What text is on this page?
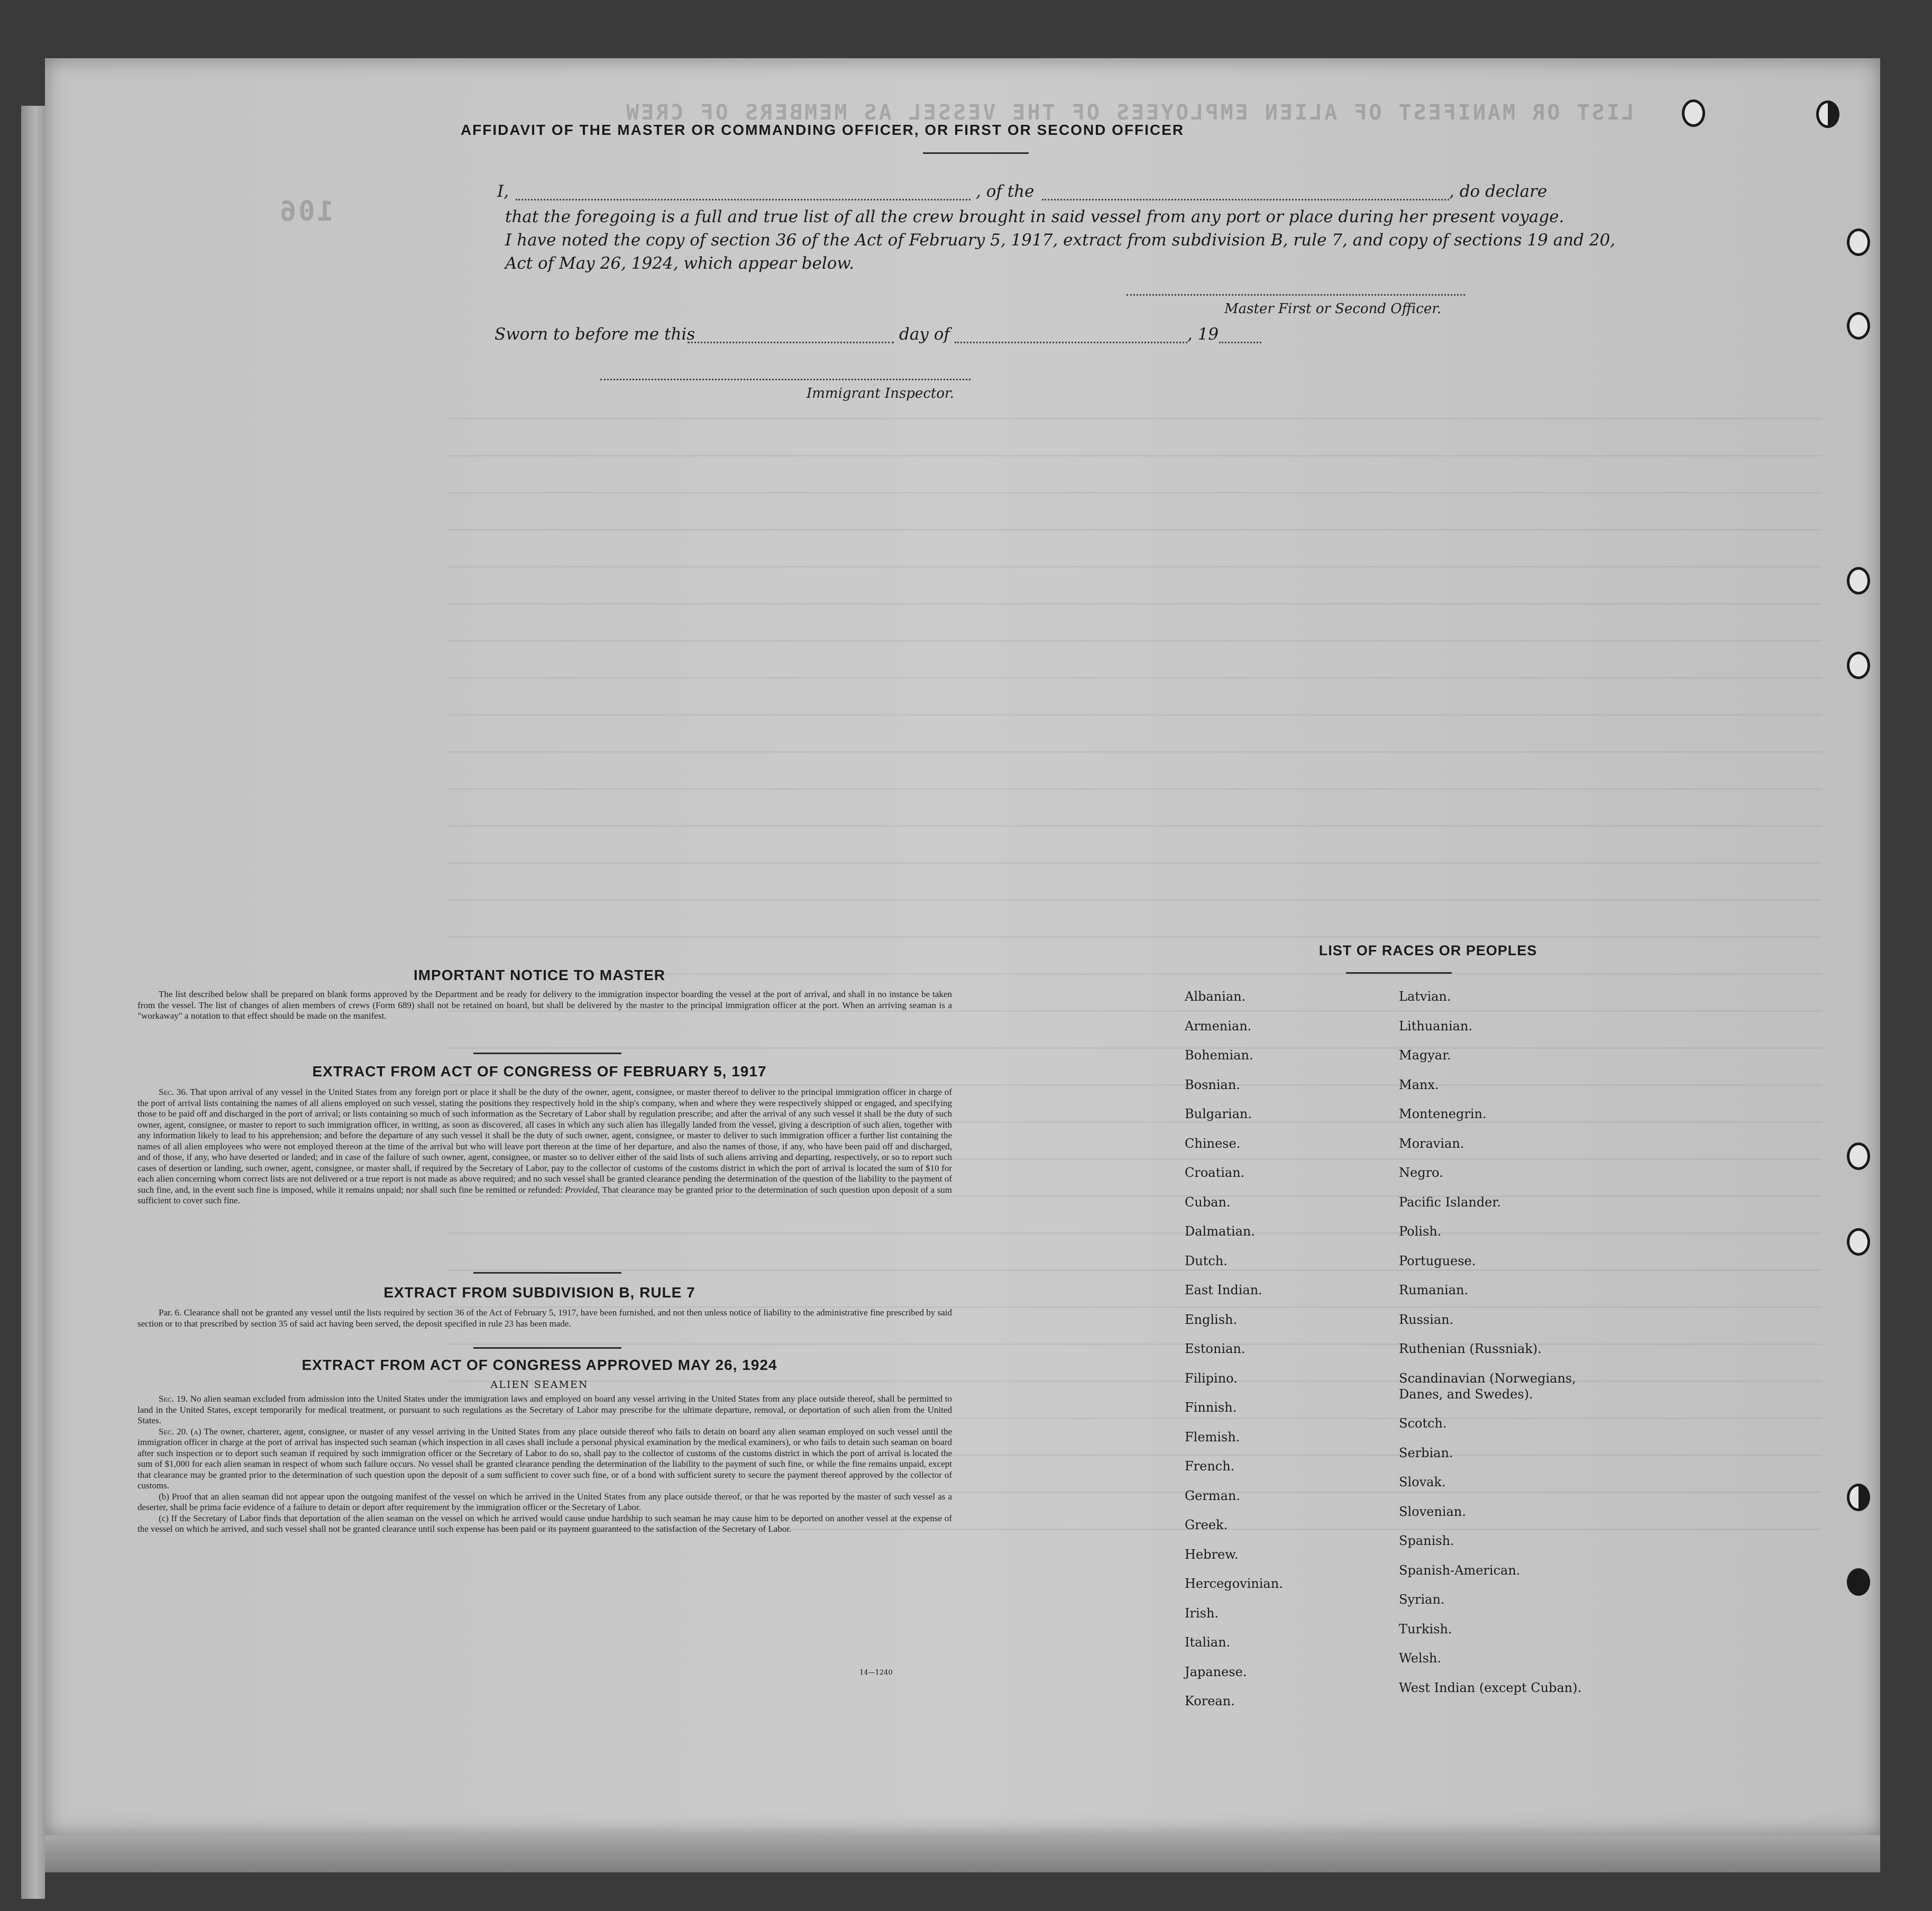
LIST OR MANIFEST OF ALIEN EMPLOYEES OF THE VESSEL AS MEMBERS OF CREW
106
AFFIDAVIT OF THE MASTER OR COMMANDING OFFICER, OR FIRST OR SECOND OFFICER
I,	, of the	, do declare
that the foregoing is a full and true list of all the crew brought in said vessel from any port or place during her present voyage.
I have noted the copy of section 36 of the Act of February 5, 1917, extract from subdivision B, rule 7, and copy of sections 19 and 20,
Act of May 26, 1924, which appear below.
Master First or Second Officer.
Sworn to before me this	day of	, 19
Immigrant Inspector.
IMPORTANT NOTICE TO MASTER

The list described below shall be prepared on blank forms approved by the Department and be ready for delivery to the immigration inspector boarding the vessel at the port of arrival, and shall in no instance be taken from the vessel. The list of changes of alien members of crews (Form 689) shall not be retained on board, but shall be delivered by the master to the principal immigration officer at the port. When an arriving seaman is a "workaway" a notation to that effect should be made on the manifest.

EXTRACT FROM ACT OF CONGRESS OF FEBRUARY 5, 1917

Sec. 36. That upon arrival of any vessel in the United States from any foreign port or place it shall be the duty of the owner, agent, consignee, or master thereof to deliver to the principal immigration officer in charge of the port of arrival lists containing the names of all aliens employed on such vessel, stating the positions they respectively hold in the ship's company, when and where they were respectively shipped or engaged, and specifying those to be paid off and discharged in the port of arrival; or lists containing so much of such information as the Secretary of Labor shall by regulation prescribe; and after the arrival of any such vessel it shall be the duty of such owner, agent, consignee, or master to report to such immigration officer, in writing, as soon as discovered, all cases in which any such alien has illegally landed from the vessel, giving a description of such alien, together with any information likely to lead to his apprehension; and before the departure of any such vessel it shall be the duty of such owner, agent, consignee, or master to deliver to such immigration officer a further list containing the names of all alien employees who were not employed thereon at the time of the arrival but who will leave port thereon at the time of her departure, and also the names of those, if any, who have been paid off and discharged, and of those, if any, who have deserted or landed; and in case of the failure of such owner, agent, consignee, or master so to deliver either of the said lists of such aliens arriving and departing, respectively, or so to report such cases of desertion or landing, such owner, agent, consignee, or master shall, if required by the Secretary of Labor, pay to the collector of customs of the customs district in which the port of arrival is located the sum of $10 for each alien concerning whom correct lists are not delivered or a true report is not made as above required; and no such vessel shall be granted clearance pending the determination of the question of the liability to the payment of such fine, and, in the event such fine is imposed, while it remains unpaid; nor shall such fine be remitted or refunded: Provided, That clearance may be granted prior to the determination of such question upon deposit of a sum sufficient to cover such fine.

EXTRACT FROM SUBDIVISION B, RULE 7

Par. 6. Clearance shall not be granted any vessel until the lists required by section 36 of the Act of February 5, 1917, have been furnished, and not then unless notice of liability to the administrative fine prescribed by said section or to that prescribed by section 35 of said act having been served, the deposit specified in rule 23 has been made.

EXTRACT FROM ACT OF CONGRESS APPROVED MAY 26, 1924
ALIEN SEAMEN

Sec. 19. No alien seaman excluded from admission into the United States under the immigration laws and employed on board any vessel arriving in the United States from any place outside thereof, shall be permitted to land in the United States, except temporarily for medical treatment, or pursuant to such regulations as the Secretary of Labor may prescribe for the ultimate departure, removal, or deportation of such alien from the United States.

Sec. 20. (a) The owner, charterer, agent, consignee, or master of any vessel arriving in the United States from any place outside thereof who fails to detain on board any alien seaman employed on such vessel until the immigration officer in charge at the port of arrival has inspected such seaman (which inspection in all cases shall include a personal physical examination by the medical examiners), or who fails to detain such seaman on board after such inspection or to deport such seaman if required by such immigration officer or the Secretary of Labor to do so, shall pay to the collector of customs of the customs district in which the port of arrival is located the sum of $1,000 for each alien seaman in respect of whom such failure occurs. No vessel shall be granted clearance pending the determination of the liability to the payment of such fine, or while the fine remains unpaid, except that clearance may be granted prior to the determination of such question upon the deposit of a sum sufficient to cover such fine, or of a bond with sufficient surety to secure the payment thereof approved by the collector of customs.

(b) Proof that an alien seaman did not appear upon the outgoing manifest of the vessel on which he arrived in the United States from any place outside thereof, or that he was reported by the master of such vessel as a deserter, shall be prima facie evidence of a failure to detain or deport after requirement by the immigration officer or the Secretary of Labor.

(c) If the Secretary of Labor finds that deportation of the alien seaman on the vessel on which he arrived would cause undue hardship to such seaman he may cause him to be deported on another vessel at the expense of the vessel on which he arrived, and such vessel shall not be granted clearance until such expense has been paid or its payment guaranteed to the satisfaction of the Secretary of Labor.

14—1240
LIST OF RACES OR PEOPLES
Albanian.
Armenian.
Bohemian.
Bosnian.
Bulgarian.
Chinese.
Croatian.
Cuban.
Dalmatian.
Dutch.
East Indian.
English.
Estonian.
Filipino.
Finnish.
Flemish.
French.
German.
Greek.
Hebrew.
Hercegovinian.
Irish.
Italian.
Japanese.
Korean.
Latvian.
Lithuanian.
Magyar.
Manx.
Montenegrin.
Moravian.
Negro.
Pacific Islander.
Polish.
Portuguese.
Rumanian.
Russian.
Ruthenian (Russniak).
Scandinavian (Norwegians,
Danes, and Swedes).
Scotch.
Serbian.
Slovak.
Slovenian.
Spanish.
Spanish-American.
Syrian.
Turkish.
Welsh.
West Indian (except Cuban).
